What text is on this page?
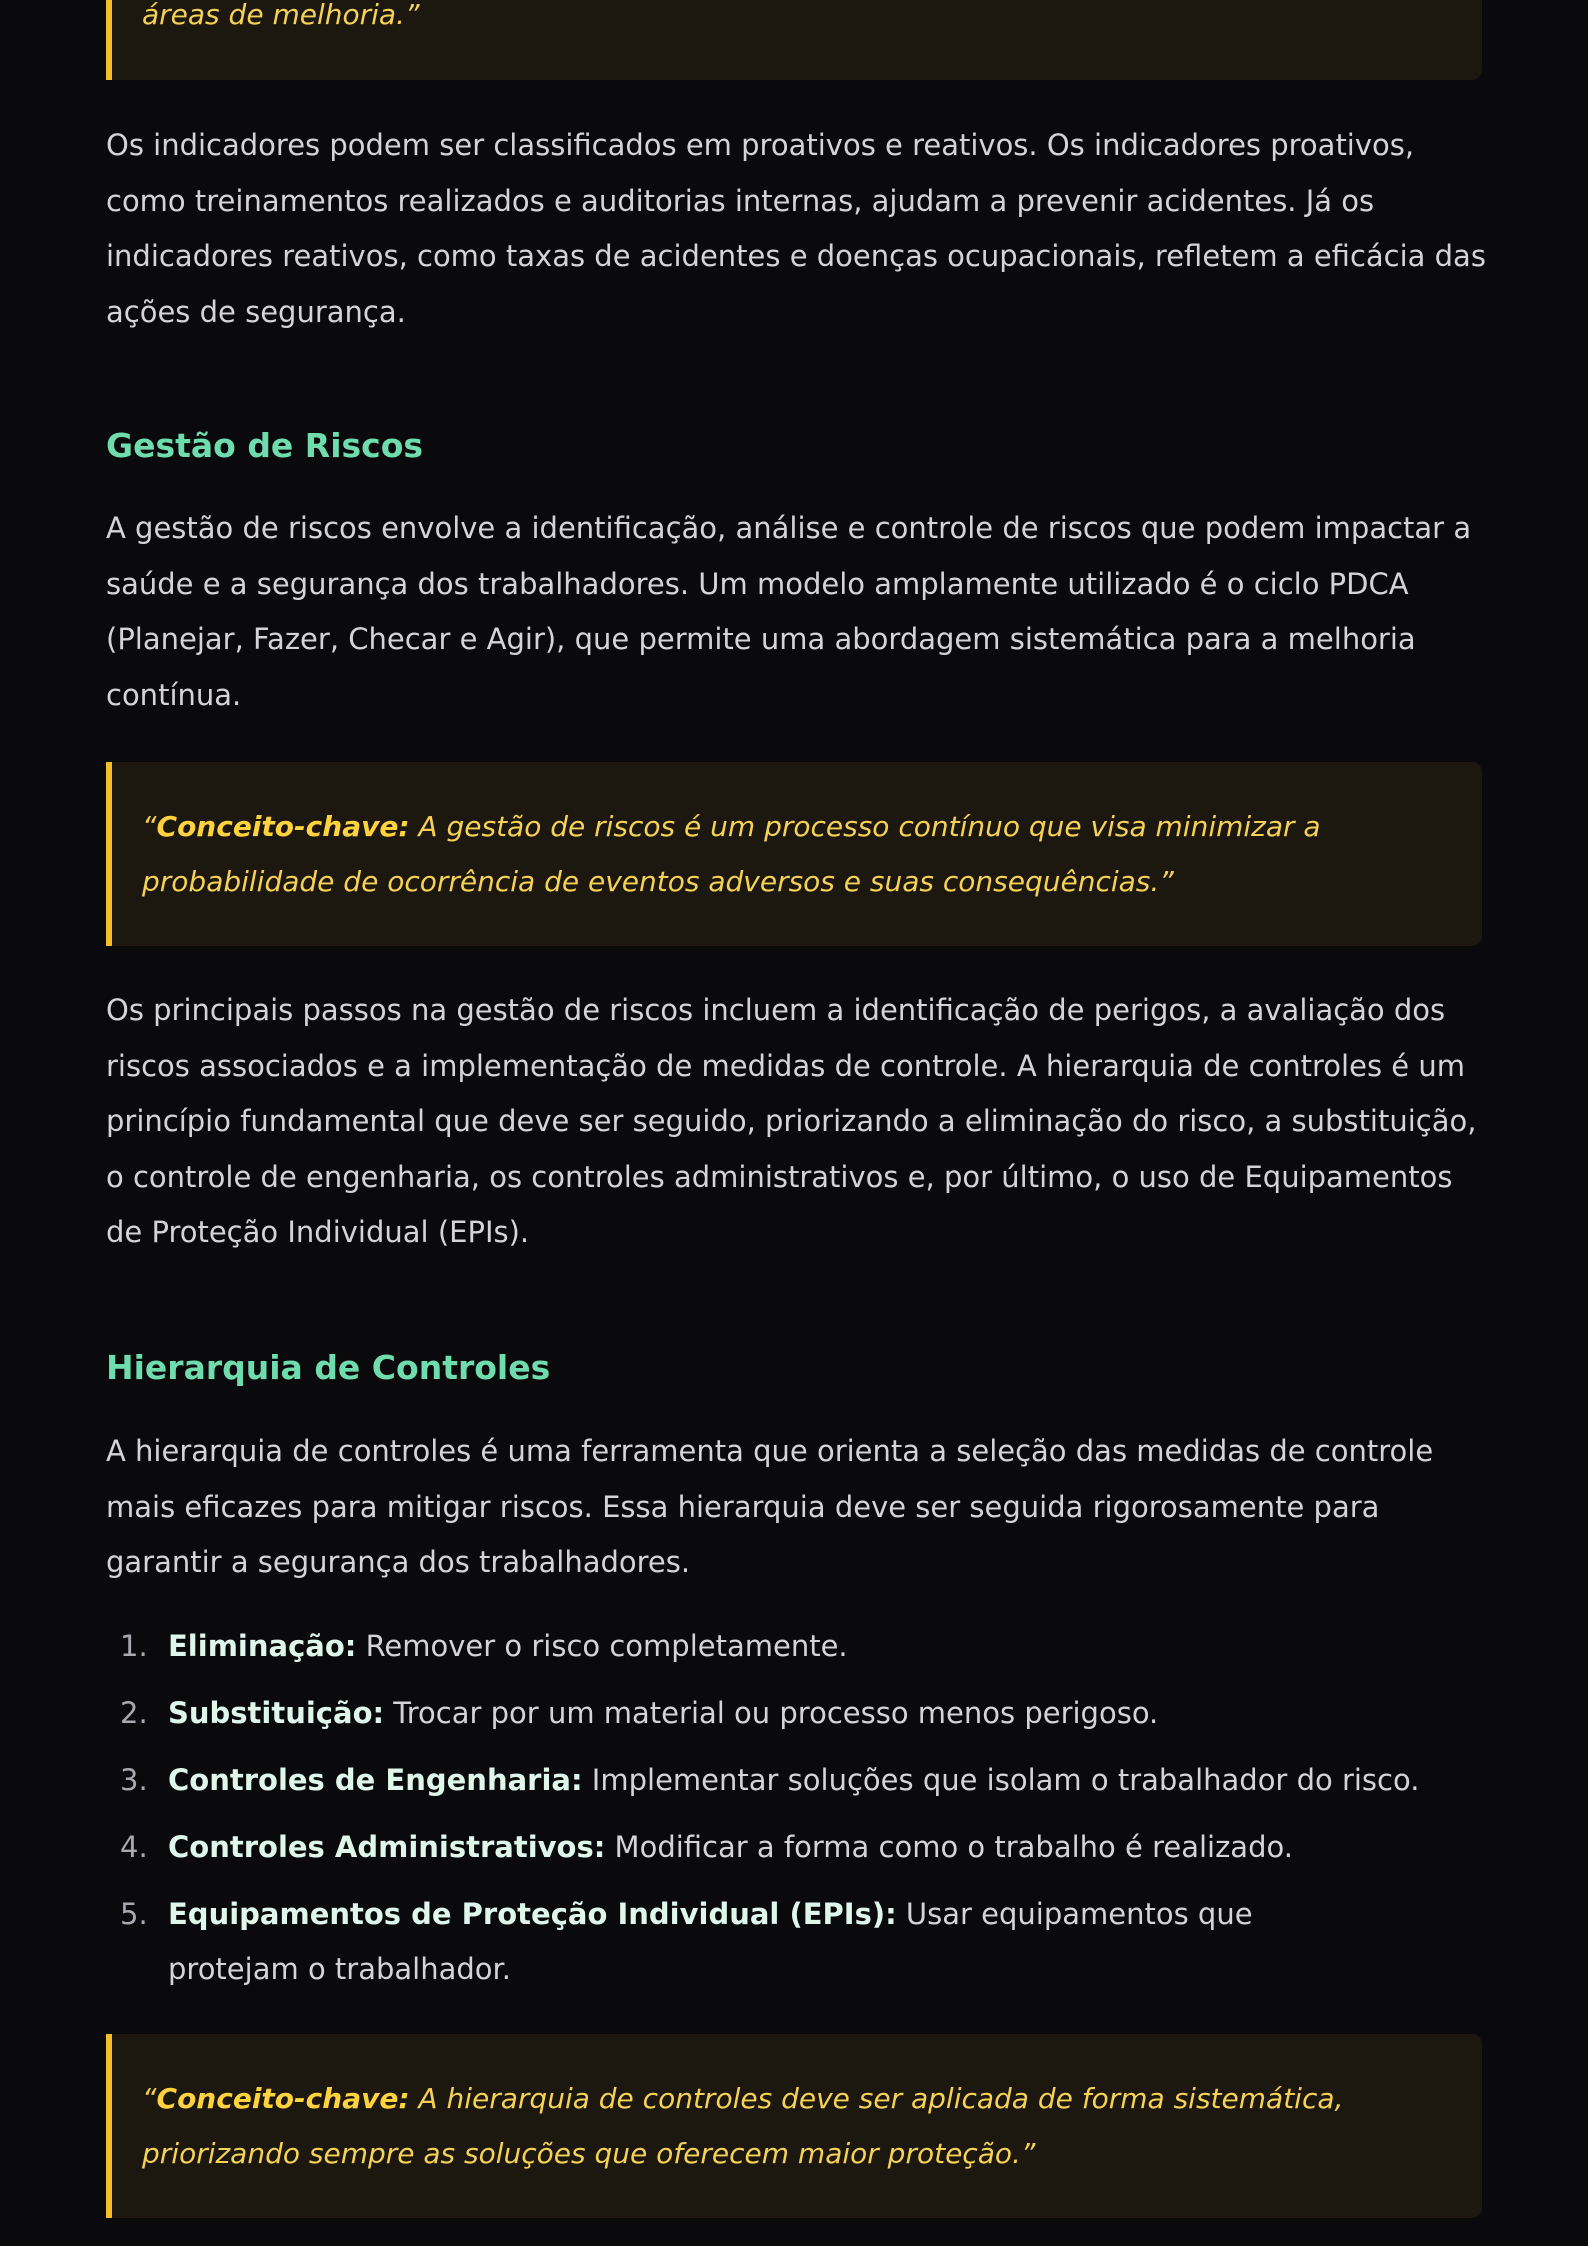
áreas de melhoria.”

Os indicadores podem ser classificados em proativos e reativos. Os indicadores proativos, como treinamentos realizados e auditorias internas, ajudam a prevenir acidentes. Já os indicadores reativos, como taxas de acidentes e doenças ocupacionais, refletem a eficácia das ações de segurança.

Gestão de Riscos

A gestão de riscos envolve a identificação, análise e controle de riscos que podem impactar a saúde e a segurança dos trabalhadores. Um modelo amplamente utilizado é o ciclo PDCA (Planejar, Fazer, Checar e Agir), que permite uma abordagem sistemática para a melhoria contínua.

“Conceito-chave: A gestão de riscos é um processo contínuo que visa minimizar a probabilidade de ocorrência de eventos adversos e suas consequências.”

Os principais passos na gestão de riscos incluem a identificação de perigos, a avaliação dos riscos associados e a implementação de medidas de controle. A hierarquia de controles é um princípio fundamental que deve ser seguido, priorizando a eliminação do risco, a substituição, o controle de engenharia, os controles administrativos e, por último, o uso de Equipamentos de Proteção Individual (EPIs).

Hierarquia de Controles

A hierarquia de controles é uma ferramenta que orienta a seleção das medidas de controle mais eficazes para mitigar riscos. Essa hierarquia deve ser seguida rigorosamente para garantir a segurança dos trabalhadores.

1. Eliminação: Remover o risco completamente.
2. Substituição: Trocar por um material ou processo menos perigoso.
3. Controles de Engenharia: Implementar soluções que isolam o trabalhador do risco.
4. Controles Administrativos: Modificar a forma como o trabalho é realizado.
5. Equipamentos de Proteção Individual (EPIs): Usar equipamentos que protejam o trabalhador.
“Conceito-chave: A hierarquia de controles deve ser aplicada de forma sistemática, priorizando sempre as soluções que oferecem maior proteção.”
